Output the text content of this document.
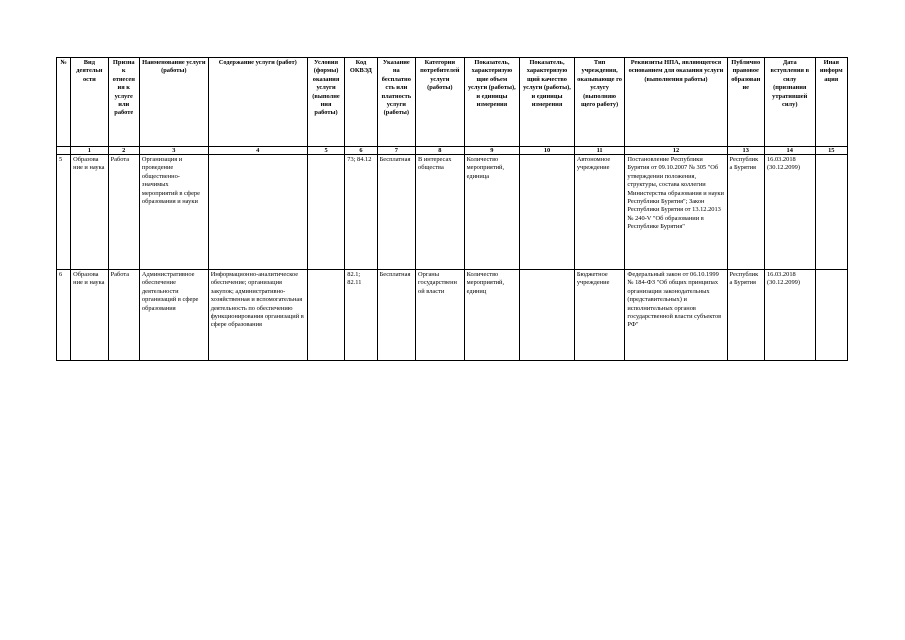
№	Вид деятельн ости	Призна к отнесен ия к услуге или работе	Наименование услуги (работы)	Содержание услуги (работ)	Условия (формы) оказания услуги (выполне ния работы)	Код ОКВЭД	Указание на бесплатно сть или платность услуги (работы)	Категории потребителей услуги (работы)	Показатель, характеризую щие объем услуги (работы), и единицы измерения	Показатель, характеризую щий качество услуги (работы), и единицы измерения	Тип учреждения, оказывающе го услугу (выполняю щего работу)	Реквизиты НПА, являющегося основанием для оказания услуги (выполнения работы)	Публично правовое образован ие	Дата вступления в силу (признания утратившей силу)	Иная информ ация
	1	2	3	4	5	6	7	8	9	10	11	12	13	14	15
5	Образова ние и наука	Работа	Организация и проведение общественно-значимых мероприятий в сфере образования и науки			73; 84.12	Бесплатная	В интересах общества	Количество мероприятий, единица		Автономное учреждение	Постановление Республики Бурятия от 09.10.2007 № 305 "Об утверждении положения, структуры, состава коллегии Министерства образования и науки Республики Бурятия"; Закон Республики Бурятия от 13.12.2013 № 240-V "Об образовании в Республике Бурятия"	Республик а Бурятия	16.03.2018 (30.12.2099)	
6	Образова ние и наука	Работа	Административное обеспечение деятельности организаций в сфере образования	Информационно-аналитическое обеспечение; организация закупок; административно-хозяйственная и вспомогательная деятельность по обеспечению функционирования организаций в сфере образования		82.1; 82.11	Бесплатная	Органы государственн ой власти	Количество мероприятий, единиц		Бюджетное учреждение	Федеральный закон от 06.10.1999 № 184-ФЗ "Об общих принципах организации законодательных (представительных) и исполнительных органов государственной власти субъектов РФ"	Республик а Бурятия	16.03.2018 (30.12.2099)	
